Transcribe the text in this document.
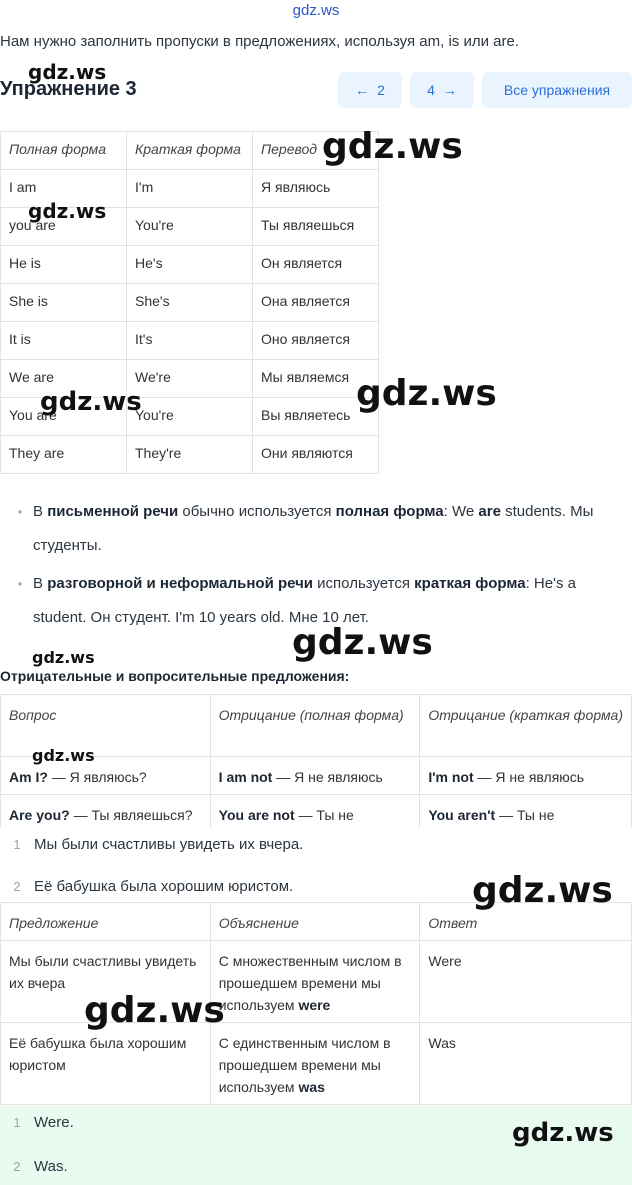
gdz.ws
Нам нужно заполнить пропуски в предложениях, используя am, is или are.
Упражнение 3	← 2	4 →	Все упражнения
Полная форма	Краткая форма	Перевод
I am	I'm	Я являюсь
you are	You're	Ты являешься
He is	He's	Он является
She is	She's	Она является
It is	It's	Оно является
We are	We're	Мы являемся
You are	You're	Вы являетесь
They are	They're	Они являются
• В письменной речи обычно используется полная форма: We are students. Мы студенты.
• В разговорной и неформальной речи используется краткая форма: He's a student. Он студент. I'm 10 years old. Мне 10 лет.
Отрицательные и вопросительные предложения:
Вопрос	Отрицание (полная форма)	Отрицание (краткая форма)
Am I? — Я являюсь?	I am not — Я не являюсь	I'm not — Я не являюсь
Are you? — Ты являешься?	You are not — Ты не	You aren't — Ты не
1 Мы были счастливы увидеть их вчера.
2 Её бабушка была хорошим юристом.
Предложение	Объяснение	Ответ
Мы были счастливы увидеть их вчера	С множественным числом в прошедшем времени мы используем were	Were
Её бабушка была хорошим юристом	С единственным числом в прошедшем времени мы используем was	Was
1 Were.
2 Was.
gdz.ws
gdz.ws
gdz.ws
gdz.ws	gdz.ws
gdz.ws
gdz.ws
gdz.ws
gdz.ws
gdz.ws
gdz.ws
